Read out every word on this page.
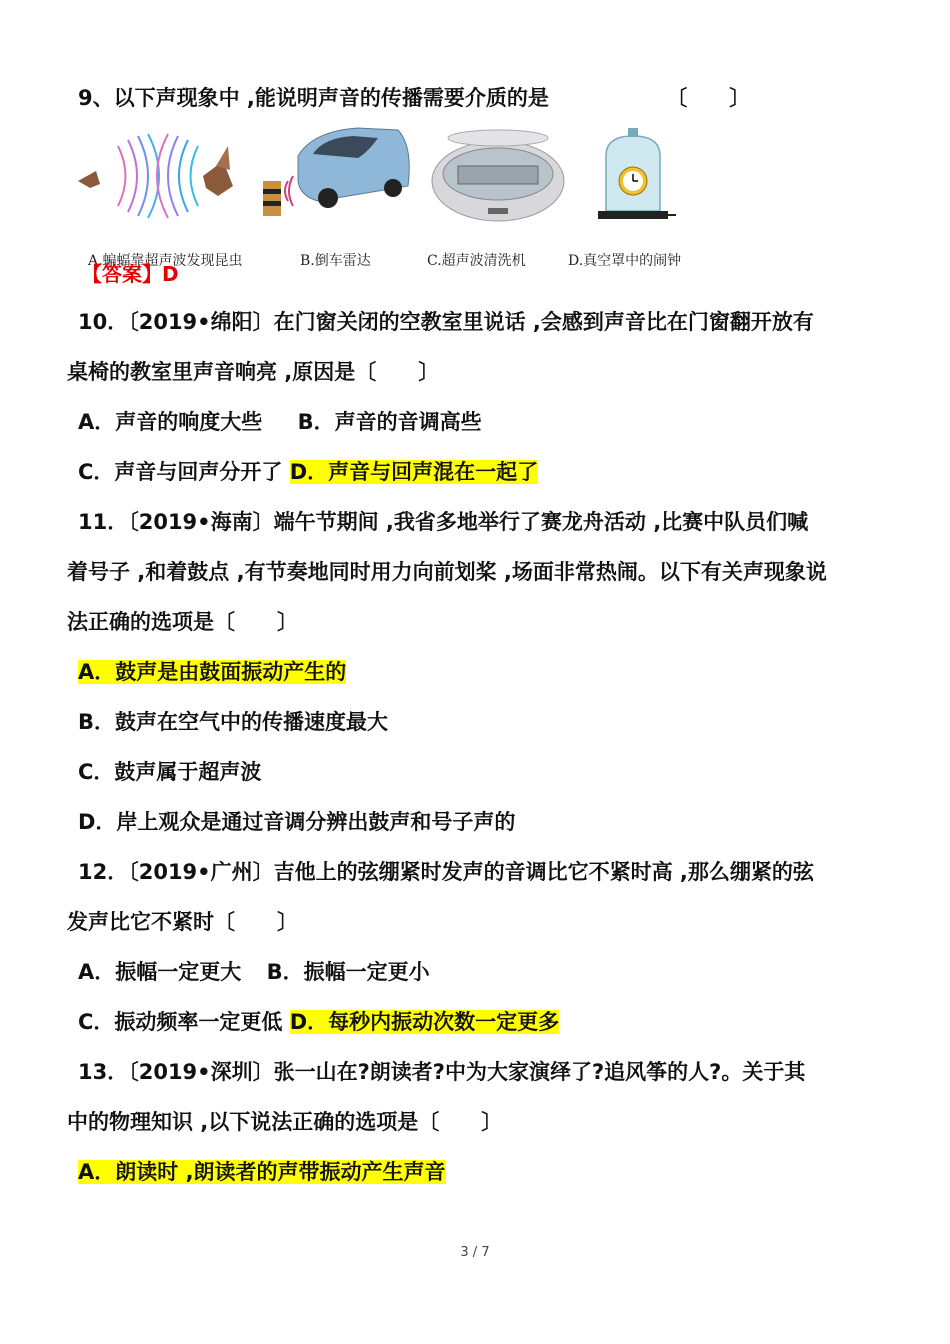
9、以下声现象中 ,能说明声音的传播需要介质的是	〔　　〕
A.蝙蝠靠超声波发现昆虫	B.倒车雷达	C.超声波清洗机	D.真空罩中的闹钟
【答案】D
10．〔2019•绵阳〕在门窗关闭的空教室里说话 ,会感到声音比在门窗翻开放有
桌椅的教室里声音响亮 ,原因是〔　　〕
A．声音的响度大些 B．声音的音调高些
C．声音与回声分开了 D．声音与回声混在一起了
11．〔2019•海南〕端午节期间 ,我省多地举行了赛龙舟活动 ,比赛中队员们喊
着号子 ,和着鼓点 ,有节奏地同时用力向前划桨 ,场面非常热闹。以下有关声现象说
法正确的选项是〔　　〕
A．鼓声是由鼓面振动产生的
B．鼓声在空气中的传播速度最大
C．鼓声属于超声波
D．岸上观众是通过音调分辨出鼓声和号子声的
12．〔2019•广州〕吉他上的弦绷紧时发声的音调比它不紧时高 ,那么绷紧的弦
发声比它不紧时〔　　〕
A．振幅一定更大 B．振幅一定更小
C．振动频率一定更低 D．每秒内振动次数一定更多
13．〔2019•深圳〕张一山在?朗读者?中为大家演绎了?追风筝的人?。关于其
中的物理知识 ,以下说法正确的选项是〔　　〕
A．朗读时 ,朗读者的声带振动产生声音
3 / 7
